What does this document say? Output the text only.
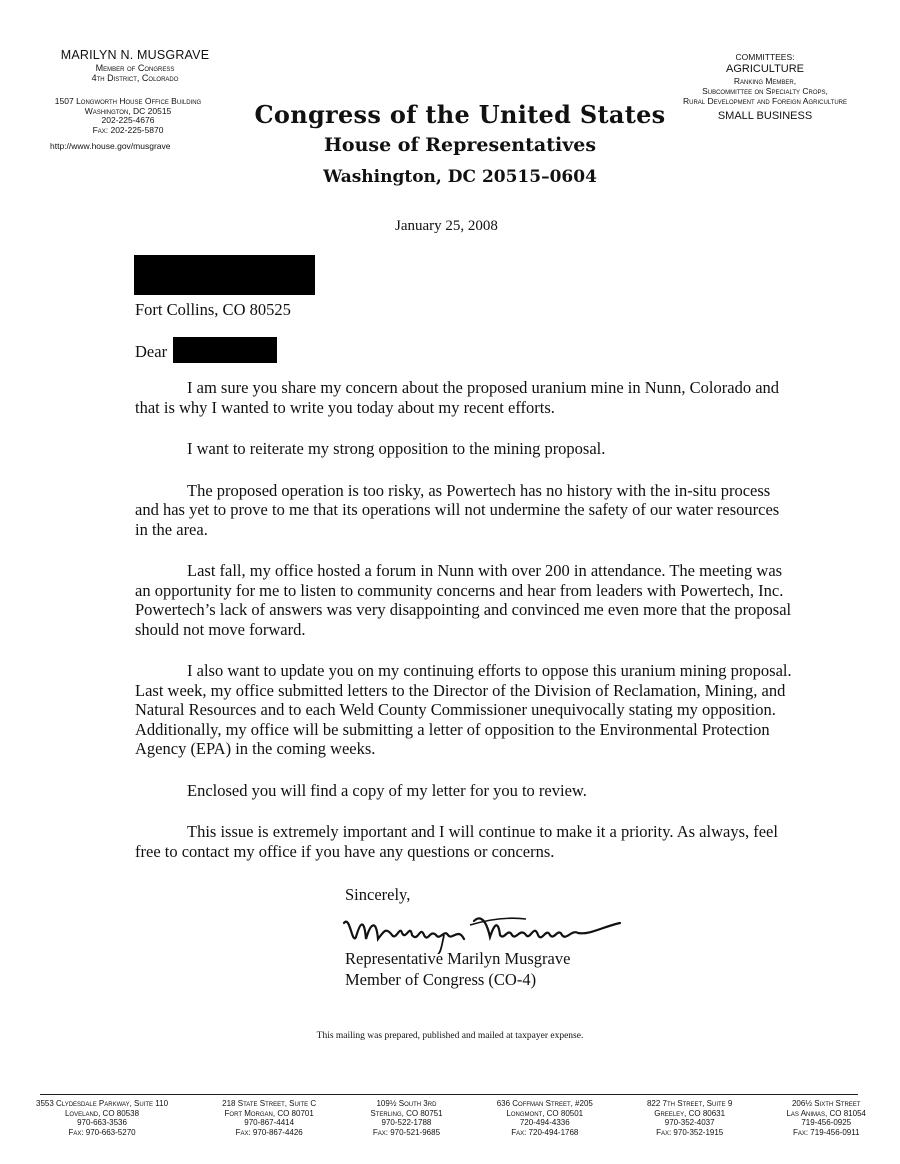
MARILYN N. MUSGRAVE
Member of Congress
4th District, Colorado
1507 Longworth House Office Building
Washington, DC 20515
202-225-4676
Fax: 202-225-5870
http://www.house.gov/musgrave
Congress of the United States
House of Representatives
Washington, DC 20515–0604
COMMITTEES:
AGRICULTURE
Ranking Member,
Subcommittee on Specialty Crops,
Rural Development and Foreign Agriculture
SMALL BUSINESS
January 25, 2008
Fort Collins, CO 80525
Dear

I am sure you share my concern about the proposed uranium mine in Nunn, Colorado and that is why I wanted to write you today about my recent efforts.

I want to reiterate my strong opposition to the mining proposal.

The proposed operation is too risky, as Powertech has no history with the in-situ process and has yet to prove to me that its operations will not undermine the safety of our water resources in the area.

Last fall, my office hosted a forum in Nunn with over 200 in attendance. The meeting was an opportunity for me to listen to community concerns and hear from leaders with Powertech, Inc. Powertech’s lack of answers was very disappointing and convinced me even more that the proposal should not move forward.

I also want to update you on my continuing efforts to oppose this uranium mining proposal. Last week, my office submitted letters to the Director of the Division of Reclamation, Mining, and Natural Resources and to each Weld County Commissioner unequivocally stating my opposition. Additionally, my office will be submitting a letter of opposition to the Environmental Protection Agency (EPA) in the coming weeks.

Enclosed you will find a copy of my letter for you to review.

This issue is extremely important and I will continue to make it a priority. As always, feel free to contact my office if you have any questions or concerns.

Sincerely,
Representative Marilyn Musgrave
Member of Congress (CO-4)
This mailing was prepared, published and mailed at taxpayer expense.
3553 Clydesdale Parkway, Suite 110
Loveland, CO 80538
970-663-3536
Fax: 970-663-5270
218 State Street, Suite C
Fort Morgan, CO 80701
970-867-4414
Fax: 970-867-4426
109½ South 3rd
Sterling, CO 80751
970-522-1788
Fax: 970-521-9685
636 Coffman Street, #205
Longmont, CO 80501
720-494-4336
Fax: 720-494-1768
822 7th Street, Suite 9
Greeley, CO 80631
970-352-4037
Fax: 970-352-1915
206½ Sixth Street
Las Animas, CO 81054
719-456-0925
Fax: 719-456-0911
